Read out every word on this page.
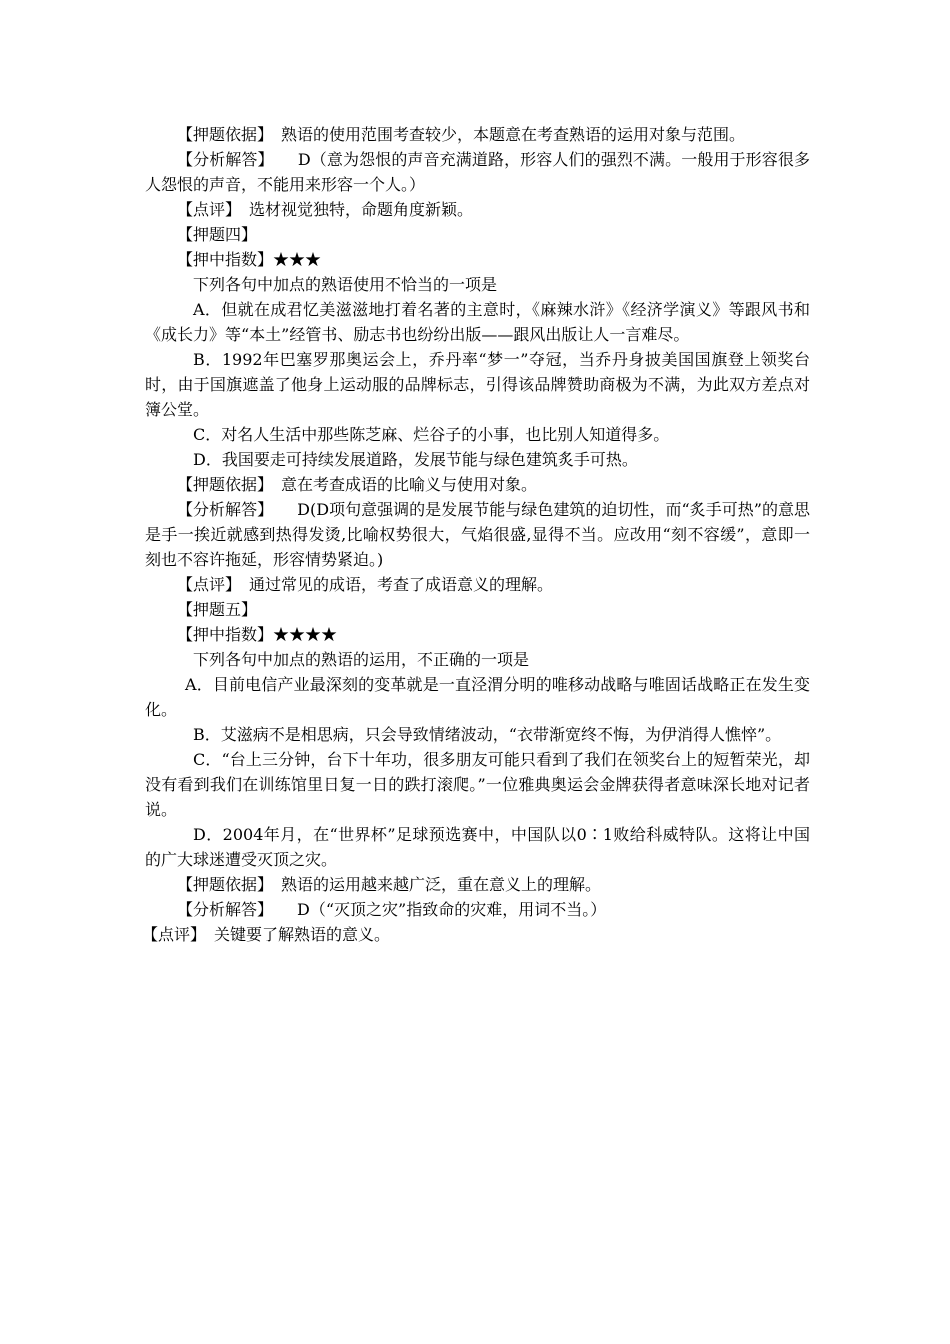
【押题依据】　熟语的使用范围考查较少，本题意在考查熟语的运用对象与范围。

【分析解答】　　D（意为怨恨的声音充满道路，形容人们的强烈不满。一般用于形容很多人怨恨的声音，不能用来形容一个人。）

【点评】　选材视觉独特，命题角度新颖。

【押题四】

【押中指数】★★★

下列各句中加点的熟语使用不恰当的一项是

A．但就在成君忆美滋滋地打着名著的主意时，《麻辣水浒》《经济学演义》等跟风书和《成长力》等“本土”经管书、励志书也纷纷出版——跟风出版让人一言难尽。

B．1992年巴塞罗那奥运会上，乔丹率“梦一”夺冠，当乔丹身披美国国旗登上领奖台时，由于国旗遮盖了他身上运动服的品牌标志，引得该品牌赞助商极为不满，为此双方差点对簿公堂。

C．对名人生活中那些陈芝麻、烂谷子的小事，也比别人知道得多。

D．我国要走可持续发展道路，发展节能与绿色建筑炙手可热。

【押题依据】　意在考查成语的比喻义与使用对象。

【分析解答】　　D(D项句意强调的是发展节能与绿色建筑的迫切性，而“炙手可热”的意思是手一挨近就感到热得发烫,比喻权势很大，气焰很盛,显得不当。应改用“刻不容缓”，意即一刻也不容许拖延，形容情势紧迫。)

【点评】　通过常见的成语，考查了成语意义的理解。

【押题五】

【押中指数】★★★★

下列各句中加点的熟语的运用，不正确的一项是

A．目前电信产业最深刻的变革就是一直泾渭分明的唯移动战略与唯固话战略正在发生变化。

B．艾滋病不是相思病，只会导致情绪波动，“衣带渐宽终不悔，为伊消得人憔悴”。

C．“台上三分钟，台下十年功，很多朋友可能只看到了我们在领奖台上的短暂荣光，却没有看到我们在训练馆里日复一日的跌打滚爬。”一位雅典奥运会金牌获得者意味深长地对记者说。

D．2004年月，在“世界杯”足球预选赛中，中国队以0∶1败给科威特队。这将让中国的广大球迷遭受灭顶之灾。

【押题依据】　熟语的运用越来越广泛，重在意义上的理解。

【分析解答】　　D（“灭顶之灾”指致命的灾难，用词不当。）

【点评】　关键要了解熟语的意义。
